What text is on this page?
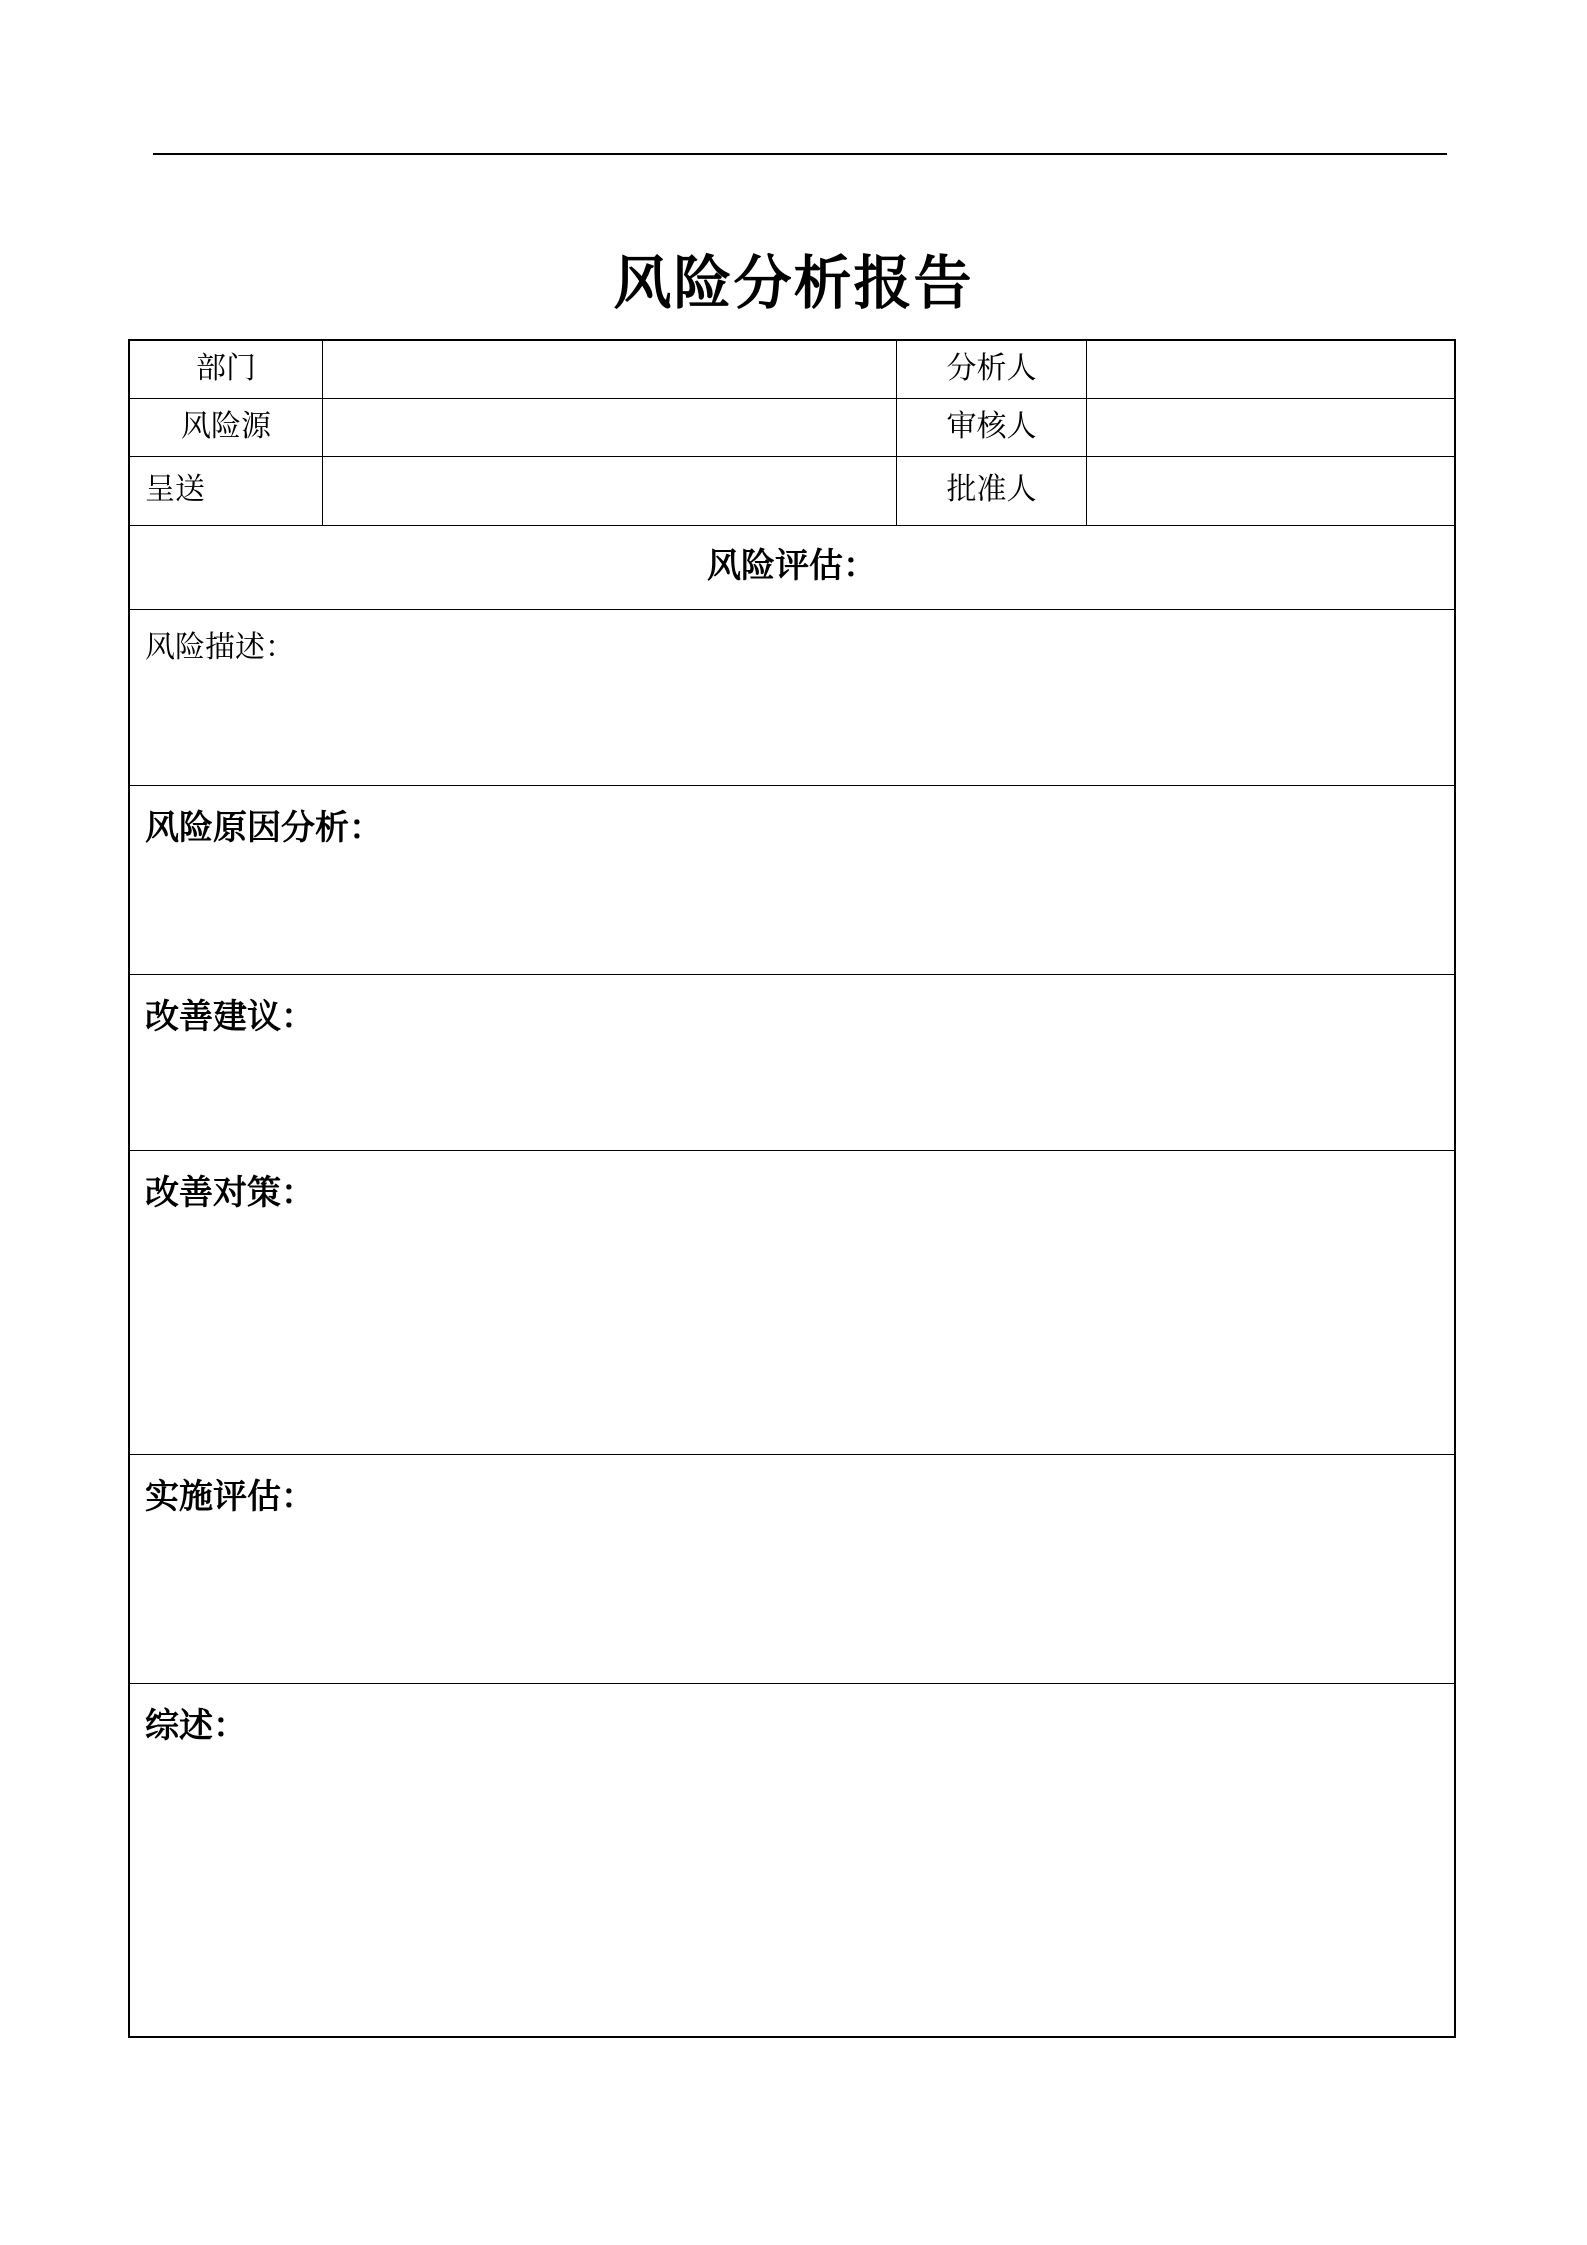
风险分析报告
部门	分析人
风险源	审核人
呈送	批准人
风险评估：
风险描述：
风险原因分析：
改善建议：
改善对策：
实施评估：
综述：
